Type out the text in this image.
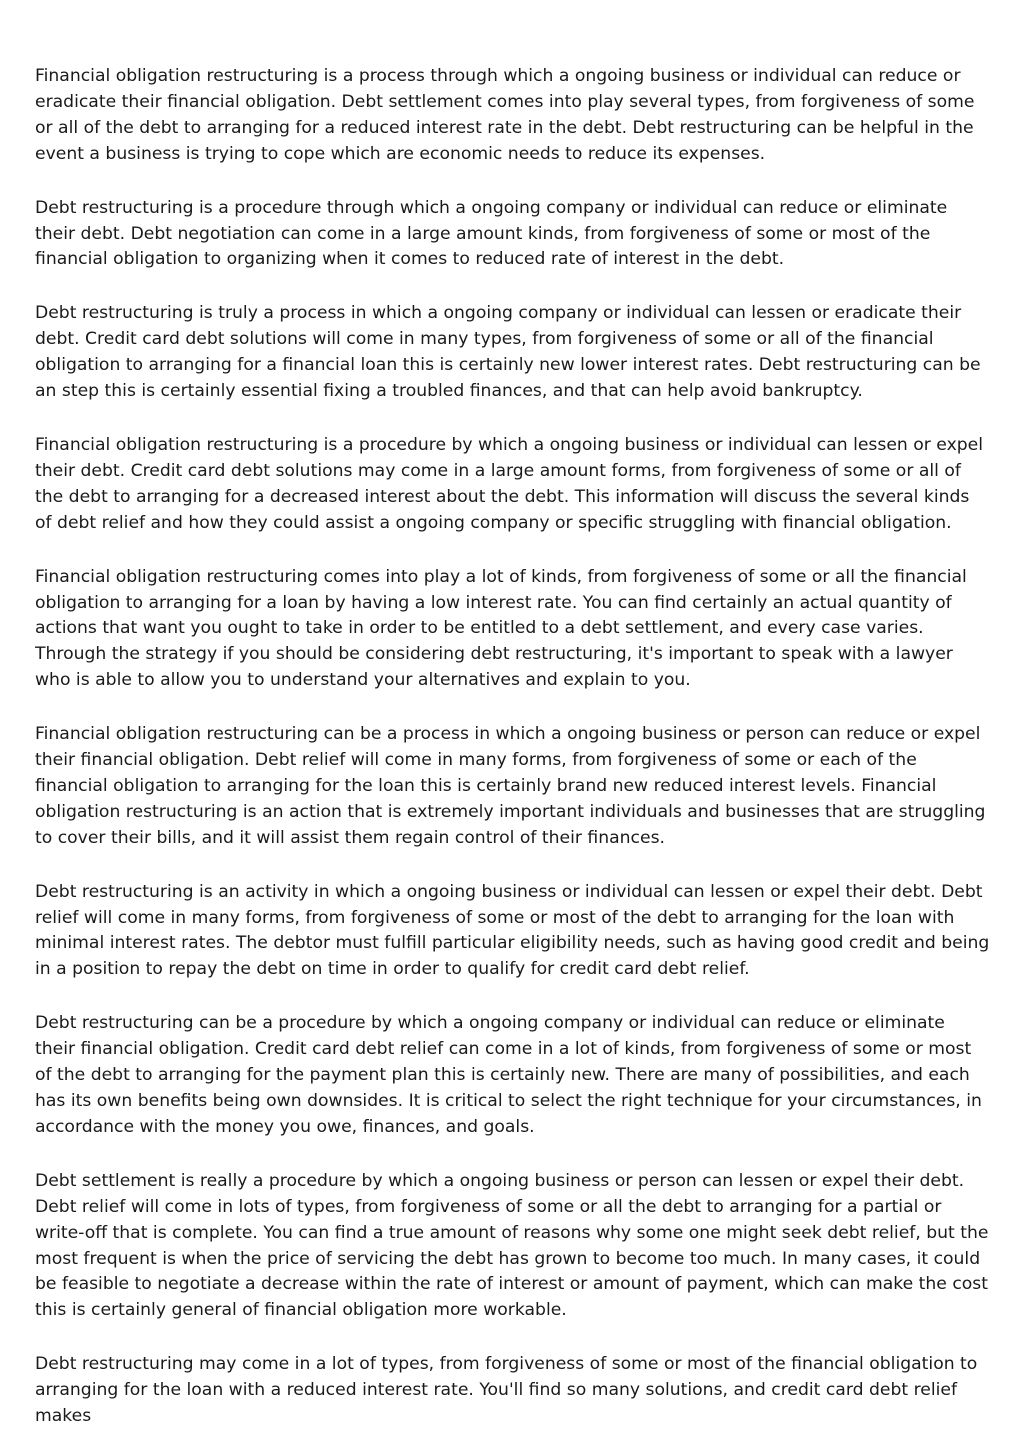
Financial obligation restructuring is a process through which a ongoing business or individual can reduce or eradicate their financial obligation. Debt settlement comes into play several types, from forgiveness of some or all of the debt to arranging for a reduced interest rate in the debt. Debt restructuring can be helpful in the event a business is trying to cope which are economic needs to reduce its expenses.

Debt restructuring is a procedure through which a ongoing company or individual can reduce or eliminate their debt. Debt negotiation can come in a large amount kinds, from forgiveness of some or most of the financial obligation to organizing when it comes to reduced rate of interest in the debt.

Debt restructuring is truly a process in which a ongoing company or individual can lessen or eradicate their debt. Credit card debt solutions will come in many types, from forgiveness of some or all of the financial obligation to arranging for a financial loan this is certainly new lower interest rates. Debt restructuring can be an step this is certainly essential fixing a troubled finances, and that can help avoid bankruptcy.

Financial obligation restructuring is a procedure by which a ongoing business or individual can lessen or expel their debt. Credit card debt solutions may come in a large amount forms, from forgiveness of some or all of the debt to arranging for a decreased interest about the debt. This information will discuss the several kinds of debt relief and how they could assist a ongoing company or specific struggling with financial obligation.

Financial obligation restructuring comes into play a lot of kinds, from forgiveness of some or all the financial obligation to arranging for a loan by having a low interest rate. You can find certainly an actual quantity of actions that want you ought to take in order to be entitled to a debt settlement, and every case varies. Through the strategy if you should be considering debt restructuring, it's important to speak with a lawyer who is able to allow you to understand your alternatives and explain to you.

Financial obligation restructuring can be a process in which a ongoing business or person can reduce or expel their financial obligation. Debt relief will come in many forms, from forgiveness of some or each of the financial obligation to arranging for the loan this is certainly brand new reduced interest levels. Financial obligation restructuring is an action that is extremely important individuals and businesses that are struggling to cover their bills, and it will assist them regain control of their finances.

Debt restructuring is an activity in which a ongoing business or individual can lessen or expel their debt. Debt relief will come in many forms, from forgiveness of some or most of the debt to arranging for the loan with minimal interest rates. The debtor must fulfill particular eligibility needs, such as having good credit and being in a position to repay the debt on time in order to qualify for credit card debt relief.

Debt restructuring can be a procedure by which a ongoing company or individual can reduce or eliminate their financial obligation. Credit card debt relief can come in a lot of kinds, from forgiveness of some or most of the debt to arranging for the payment plan this is certainly new. There are many of possibilities, and each has its own benefits being own downsides. It is critical to select the right technique for your circumstances, in accordance with the money you owe, finances, and goals.

Debt settlement is really a procedure by which a ongoing business or person can lessen or expel their debt. Debt relief will come in lots of types, from forgiveness of some or all the debt to arranging for a partial or write-off that is complete. You can find a true amount of reasons why some one might seek debt relief, but the most frequent is when the price of servicing the debt has grown to become too much. In many cases, it could be feasible to negotiate a decrease within the rate of interest or amount of payment, which can make the cost this is certainly general of financial obligation more workable.

Debt restructuring may come in a lot of types, from forgiveness of some or most of the financial obligation to arranging for the loan with a reduced interest rate. You'll find so many solutions, and credit card debt relief makes
